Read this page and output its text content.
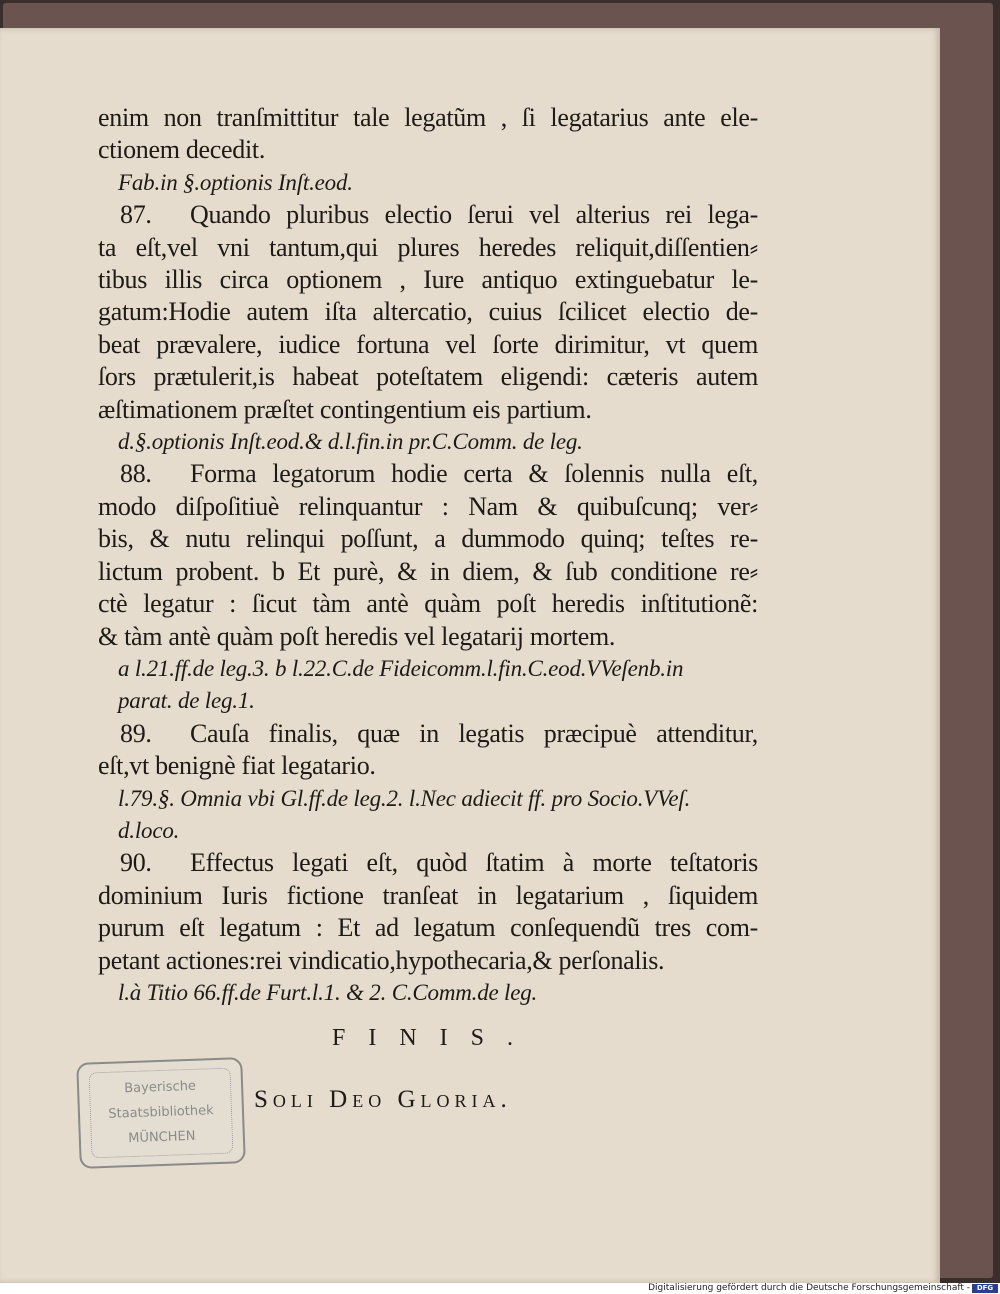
enim non tranſmittitur tale legatũm , ſi legatarius ante ele-
ctionem decedit.
Fab.in §.optionis Inſt.eod.
87. Quando pluribus electio ſerui vel alterius rei lega-
ta eſt,vel vni tantum,qui plures heredes reliquit,diſſentien⸗
tibus illis circa optionem , Iure antiquo extinguebatur le-
gatum:Hodie autem iſta altercatio, cuius ſcilicet electio de-
beat prævalere, iudice fortuna vel ſorte dirimitur, vt quem
ſors prætulerit,is habeat poteſtatem eligendi: cæteris autem
æſtimationem præſtet contingentium eis partium.
d.§.optionis Inſt.eod.& d.l.fin.in pr.C.Comm. de leg.
88. Forma legatorum hodie certa & ſolennis nulla eſt,
modo diſpoſitiuè relinquantur : Nam & quibuſcunq; ver⸗
bis, & nutu relinqui poſſunt, a dummodo quinq; teſtes re-
lictum probent. b Et purè, & in diem, & ſub conditione re⸗
ctè legatur : ſicut tàm antè quàm poſt heredis inſtitutionẽ:
& tàm antè quàm poſt heredis vel legatarij mortem.
a l.21.ff.de leg.3. b l.22.C.de Fideicomm.l.fin.C.eod.VVeſenb.in
parat. de leg.1.
89. Cauſa finalis, quæ in legatis præcipuè attenditur,
eſt,vt benignè fiat legatario.
l.79.§. Omnia vbi Gl.ff.de leg.2. l.Nec adiecit ff. pro Socio.VVeſ.
d.loco.
90. Effectus legati eſt, quòd ſtatim à morte teſtatoris
dominium Iuris fictione tranſeat in legatarium , ſiquidem
purum eſt legatum : Et ad legatum conſequendũ tres com-
petant actiones:rei vindicatio,hypothecaria,& perſonalis.
l.à Titio 66.ff.de Furt.l.1. & 2. C.Comm.de leg.
FINIS.
Soli Deo Gloria.
Bayerische
Staatsbibliothek
MÜNCHEN
Digitalisierung gefördert durch die Deutsche Forschungsgemeinschaft - DFG
